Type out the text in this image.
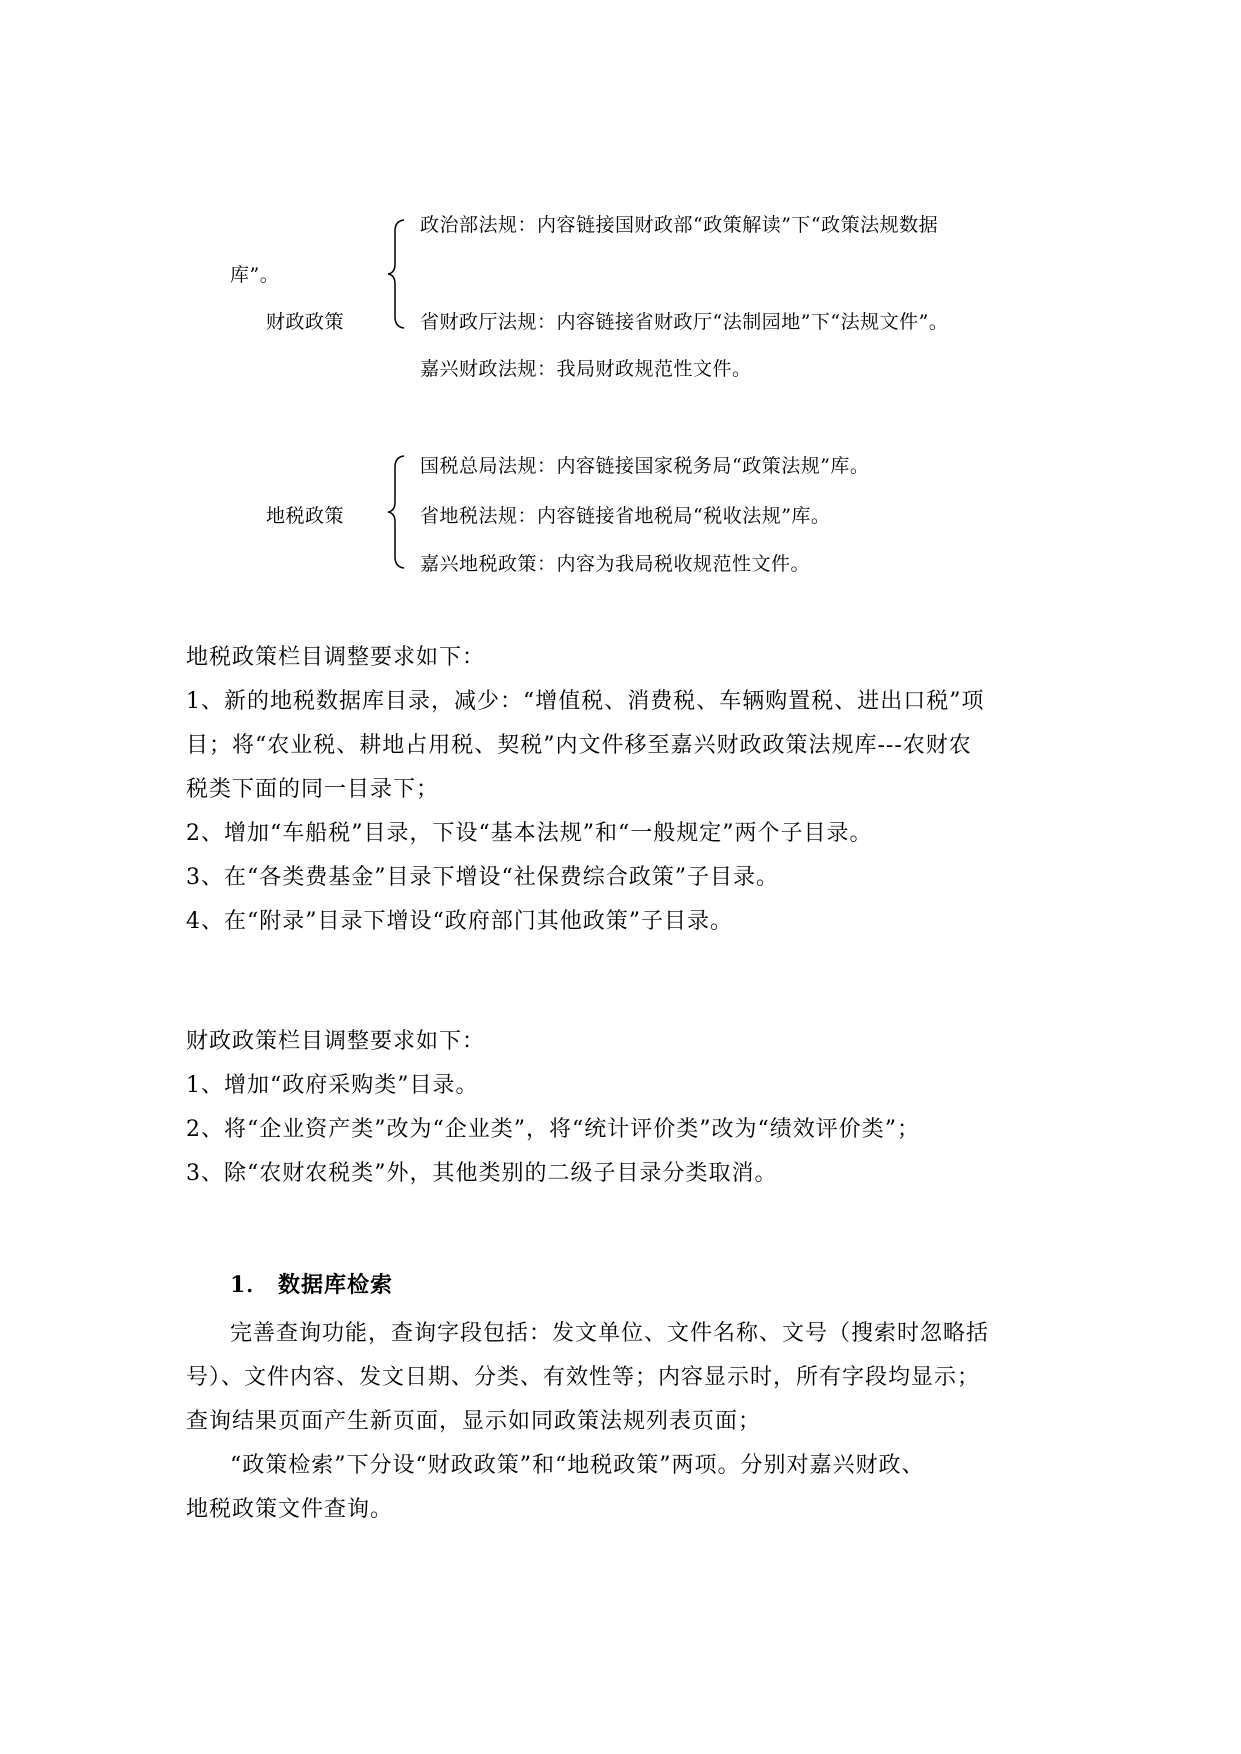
政治部法规：内容链接国财政部“政策解读”下“政策法规数据
库”。
财政政策	省财政厅法规：内容链接省财政厅“法制园地”下“法规文件”。
嘉兴财政法规：我局财政规范性文件。
国税总局法规：内容链接国家税务局“政策法规”库。
地税政策	省地税法规：内容链接省地税局“税收法规”库。
嘉兴地税政策：内容为我局税收规范性文件。
地税政策栏目调整要求如下：
1、新的地税数据库目录，减少：“增值税、消费税、车辆购置税、进出口税”项
目；将“农业税、耕地占用税、契税”内文件移至嘉兴财政政策法规库---农财农
税类下面的同一目录下；
2、增加“车船税”目录，下设“基本法规”和“一般规定”两个子目录。
3、在“各类费基金”目录下增设“社保费综合政策”子目录。
4、在“附录”目录下增设“政府部门其他政策”子目录。
财政政策栏目调整要求如下：
1、增加“政府采购类”目录。
2、将“企业资产类”改为“企业类”，将“统计评价类”改为“绩效评价类”；
3、除“农财农税类”外，其他类别的二级子目录分类取消。
1． 数据库检索
完善查询功能，查询字段包括：发文单位、文件名称、文号（搜索时忽略括
号）、文件内容、发文日期、分类、有效性等；内容显示时，所有字段均显示；
查询结果页面产生新页面，显示如同政策法规列表页面；
“政策检索”下分设“财政政策”和“地税政策”两项。分别对嘉兴财政、
地税政策文件查询。
